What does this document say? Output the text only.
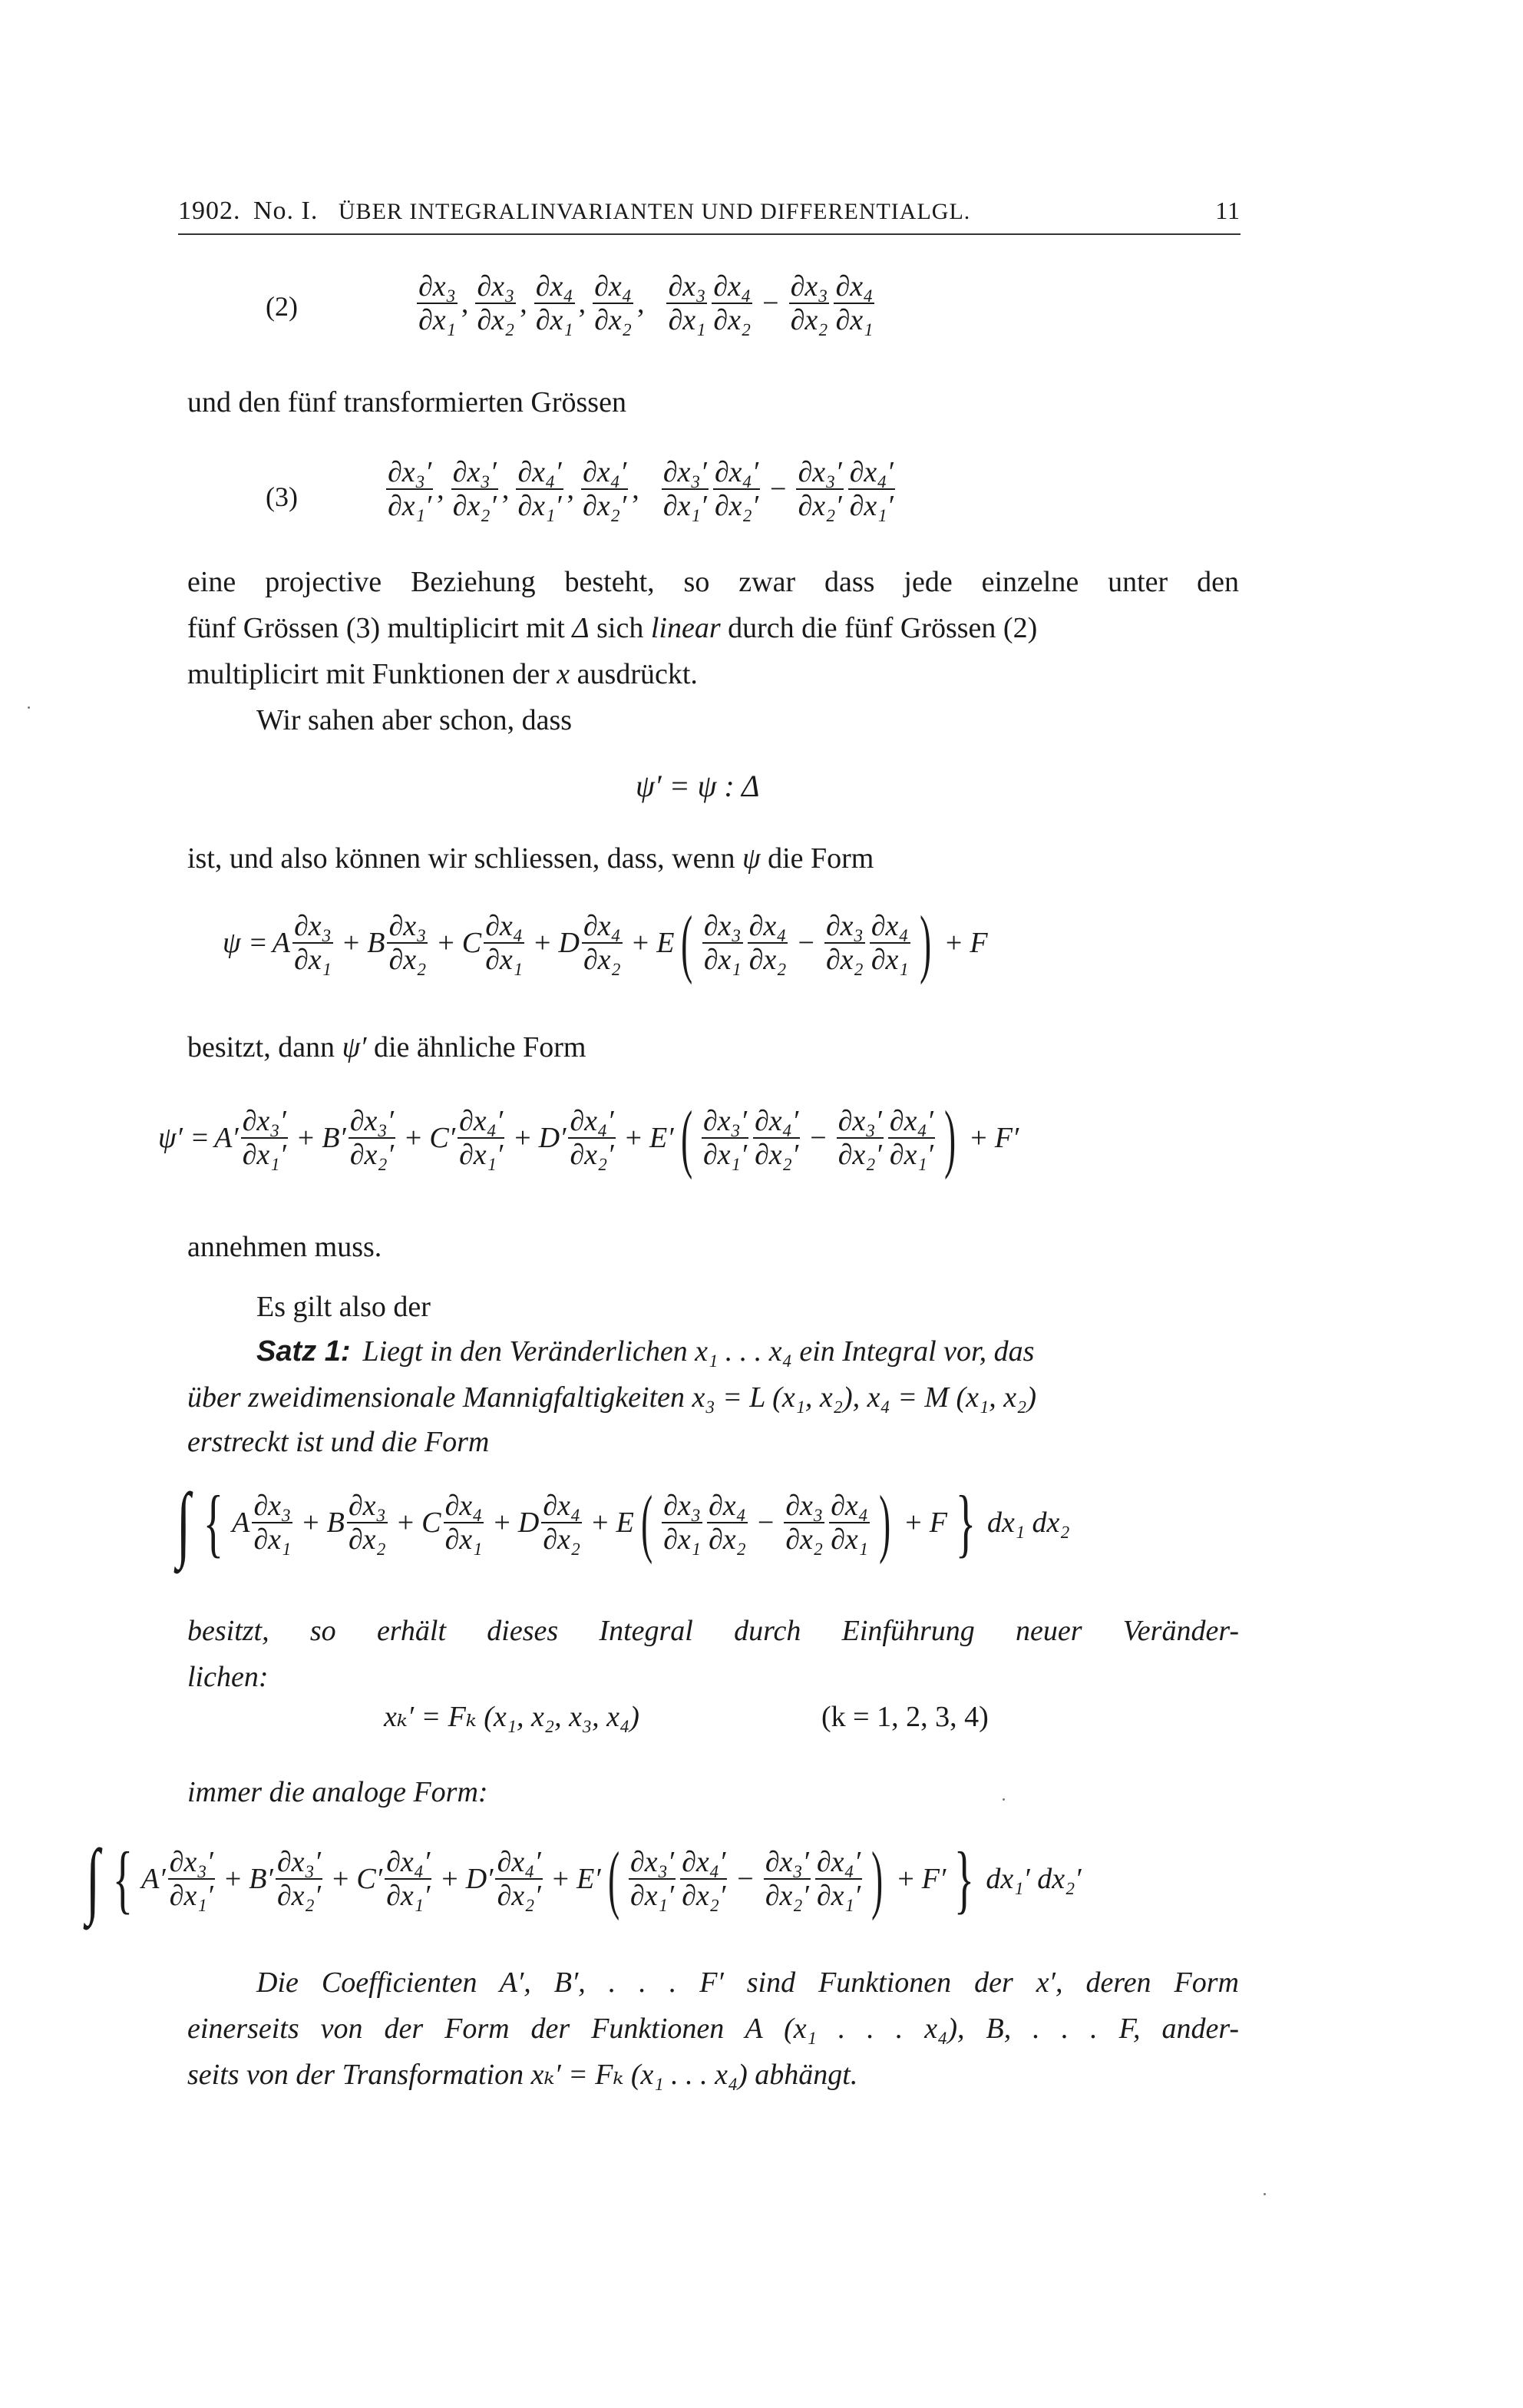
1902. No. I. ÜBER INTEGRALINVARIANTEN UND DIFFERENTIALGL.	11
(2)	$\frac{\text{∂x₃}}{\text{∂x₁}}$ , $\frac{\text{∂x₃}}{\text{∂x₂}}$ , $\frac{\text{∂x₄}}{\text{∂x₁}}$ , $\frac{\text{∂x₄}}{\text{∂x₂}}$ , $\frac{\text{∂x₃}}{\text{∂x₁}} \frac{\text{∂x₄}}{\text{∂x₂}} - \frac{\text{∂x₃}}{\text{∂x₂}} \frac{\text{∂x₄}}{\text{∂x₁}}$
und den fünf transformierten Grössen
(3)	$\frac{\text{∂x₃′}}{\text{∂x₁′}}$ , $\frac{\text{∂x₃′}}{\text{∂x₂′}}$ , $\frac{\text{∂x₄′}}{\text{∂x₁′}}$ , $\frac{\text{∂x₄′}}{\text{∂x₂′}}$ , $\frac{\text{∂x₃′}}{\text{∂x₁′}} \frac{\text{∂x₄′}}{\text{∂x₂′}} - \frac{\text{∂x₃′}}{\text{∂x₂′}} \frac{\text{∂x₄′}}{\text{∂x₁′}}$
eine projective Beziehung besteht, so zwar dass jede einzelne unter den
fünf Grössen (3) multiplicirt mit Δ sich linear durch die fünf Grössen (2)
multiplicirt mit Funktionen der x ausdrückt.
Wir sahen aber schon, dass
ψ′ = ψ : Δ
ist, und also können wir schliessen, dass, wenn ψ die Form
ψ = A $\frac{\text{∂x₃}}{\text{∂x₁}} + B \frac{\text{∂x₃}}{\text{∂x₂}} + C \frac{\text{∂x₄}}{\text{∂x₁}} + D \frac{\text{∂x₄}}{\text{∂x₂}} + E$ ( $\frac{\text{∂x₃}}{\text{∂x₁}} \frac{\text{∂x₄}}{\text{∂x₂}} - \frac{\text{∂x₃}}{\text{∂x₂}} \frac{\text{∂x₄}}{\text{∂x₁}}$ ) + F
besitzt, dann ψ′ die ähnliche Form
$\psi' = A' \frac{\text{∂x₃′}}{\text{∂x₁′}} + B' \frac{\text{∂x₃′}}{\text{∂x₂′}} + C' \frac{\text{∂x₄′}}{\text{∂x₁′}} + D' \frac{\text{∂x₄′}}{\text{∂x₂′}} + E'$ ( $\frac{\text{∂x₃′}}{\text{∂x₁′}} \frac{\text{∂x₄′}}{\text{∂x₂′}} - \frac{\text{∂x₃′}}{\text{∂x₂′}} \frac{\text{∂x₄′}}{\text{∂x₁′}}$ ) + F′
annehmen muss.
Es gilt also der
Satz 1: Liegt in den Veränderlichen x₁ . . . x₄ ein Integral vor, das
über zweidimensionale Mannigfaltigkeiten x₃ = L (x₁, x₂), x₄ = M (x₁, x₂)
erstreckt ist und die Form
∫ { A $\frac{\text{∂x₃}}{\text{∂x₁}} + B \frac{\text{∂x₃}}{\text{∂x₂}} + C \frac{\text{∂x₄}}{\text{∂x₁}} + D \frac{\text{∂x₄}}{\text{∂x₂}} + E$ ( $\frac{\text{∂x₃}}{\text{∂x₁}} \frac{\text{∂x₄}}{\text{∂x₂}} - \frac{\text{∂x₃}}{\text{∂x₂}} \frac{\text{∂x₄}}{\text{∂x₁}}$ ) + F } dx₁ dx₂
besitzt, so erhält dieses Integral durch Einführung neuer Veränder-
lichen:
xₖ′ = Fₖ (x₁, x₂, x₃, x₄)	(k = 1, 2, 3, 4)
immer die analoge Form:
∫ { $A' \frac{\text{∂x₃′}}{\text{∂x₁′}} + B' \frac{\text{∂x₃′}}{\text{∂x₂′}} + C' \frac{\text{∂x₄′}}{\text{∂x₁′}} + D' \frac{\text{∂x₄′}}{\text{∂x₂′}} + E'$ ( $\frac{\text{∂x₃′}}{\text{∂x₁′}} \frac{\text{∂x₄′}}{\text{∂x₂′}} - \frac{\text{∂x₃′}}{\text{∂x₂′}} \frac{\text{∂x₄′}}{\text{∂x₁′}}$ ) + F′ } dx₁′ dx₂′
Die Coefficienten A′, B′, . . . F′ sind Funktionen der x′, deren Form
einerseits von der Form der Funktionen A (x₁ . . . x₄), B, . . . F, ander-
seits von der Transformation xₖ′ = Fₖ (x₁ . . . x₄) abhängt.
